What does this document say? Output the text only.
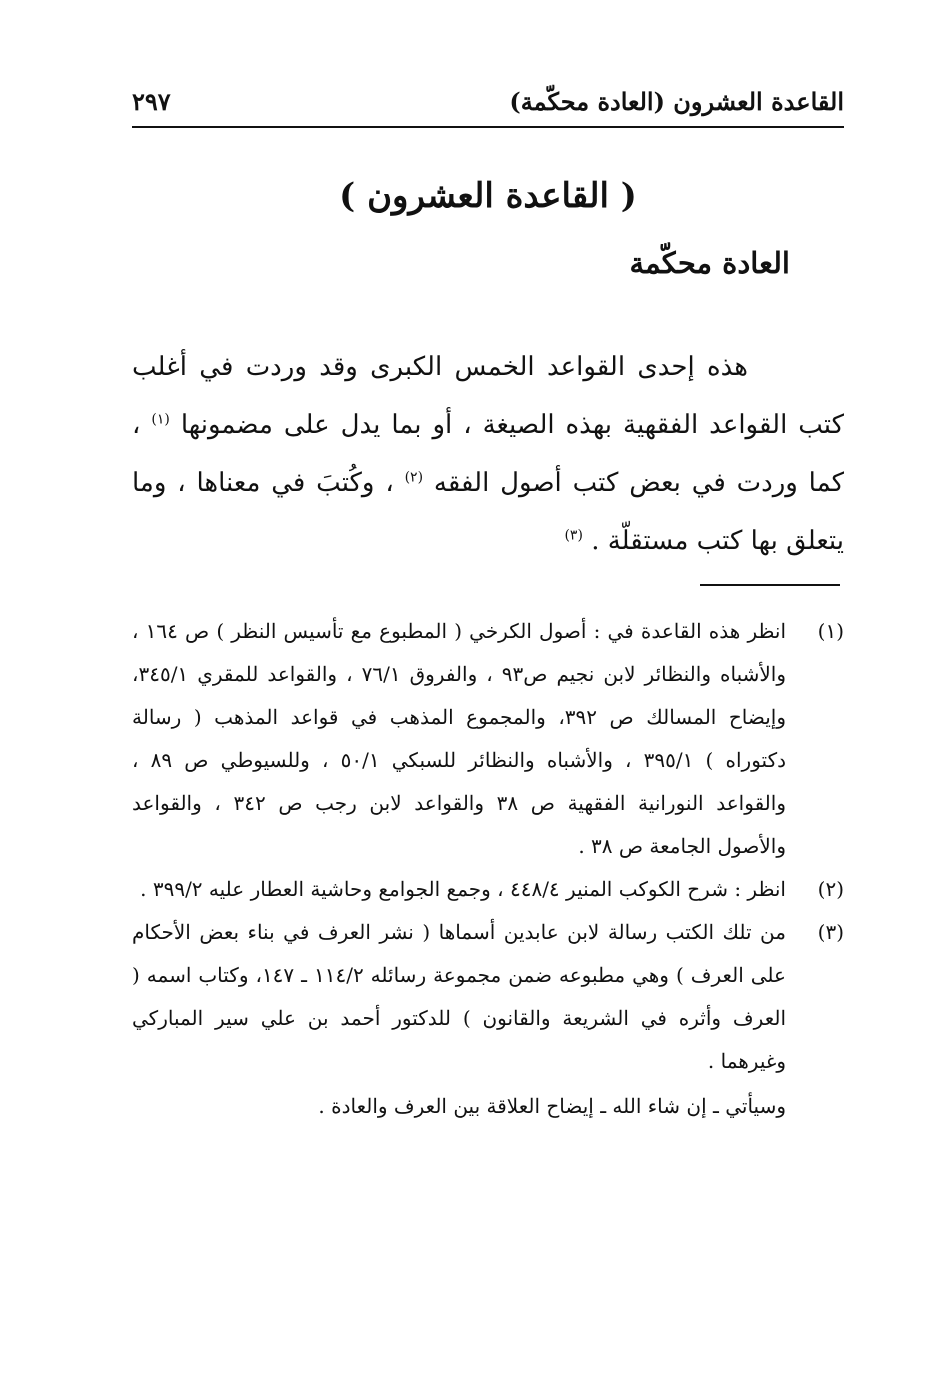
القاعدة العشرون (العادة محكّمة)
٢٩٧
( القاعدة العشرون )
العادة محكّمة

هذه إحدى القواعد الخمس الكبرى وقد وردت في أغلب كتب القواعد الفقهية بهذه الصيغة ، أو بما يدل على مضمونها $^{(١)}$ ، كما وردت في بعض كتب أصول الفقه $^{(٢)}$ ، وكُتبَ في معناها ، وما يتعلق بها كتب مستقلّة . $^{(٣)}$

(١)
انظر هذه القاعدة في : أصول الكرخي ( المطبوع مع تأسيس النظر ) ص ١٦٤ ، والأشباه والنظائر لابن نجيم ص٩٣ ، والفروق ٧٦/١ ، والقواعد للمقري ٣٤٥/١، وإيضاح المسالك ص ٣٩٢، والمجموع المذهب في قواعد المذهب ( رسالة دكتوراه ) ٣٩٥/١ ، والأشباه والنظائر للسبكي ٥٠/١ ، وللسيوطي ص ٨٩ ، والقواعد النورانية الفقهية ص ٣٨ والقواعد لابن رجب ص ٣٤٢ ، والقواعد والأصول الجامعة ص ٣٨ .
(٢)
انظر : شرح الكوكب المنير ٤٤٨/٤ ، وجمع الجوامع وحاشية العطار عليه ٣٩٩/٢ .
(٣)
من تلك الكتب رسالة لابن عابدين أسماها ( نشر العرف في بناء بعض الأحكام على العرف ) وهي مطبوعه ضمن مجموعة رسائله ١١٤/٢ ـ ١٤٧، وكتاب اسمه ( العرف وأثره في الشريعة والقانون ) للدكتور أحمد بن علي سير المباركي وغيرهما .
وسيأتي ـ إن شاء الله ـ إيضاح العلاقة بين العرف والعادة .
